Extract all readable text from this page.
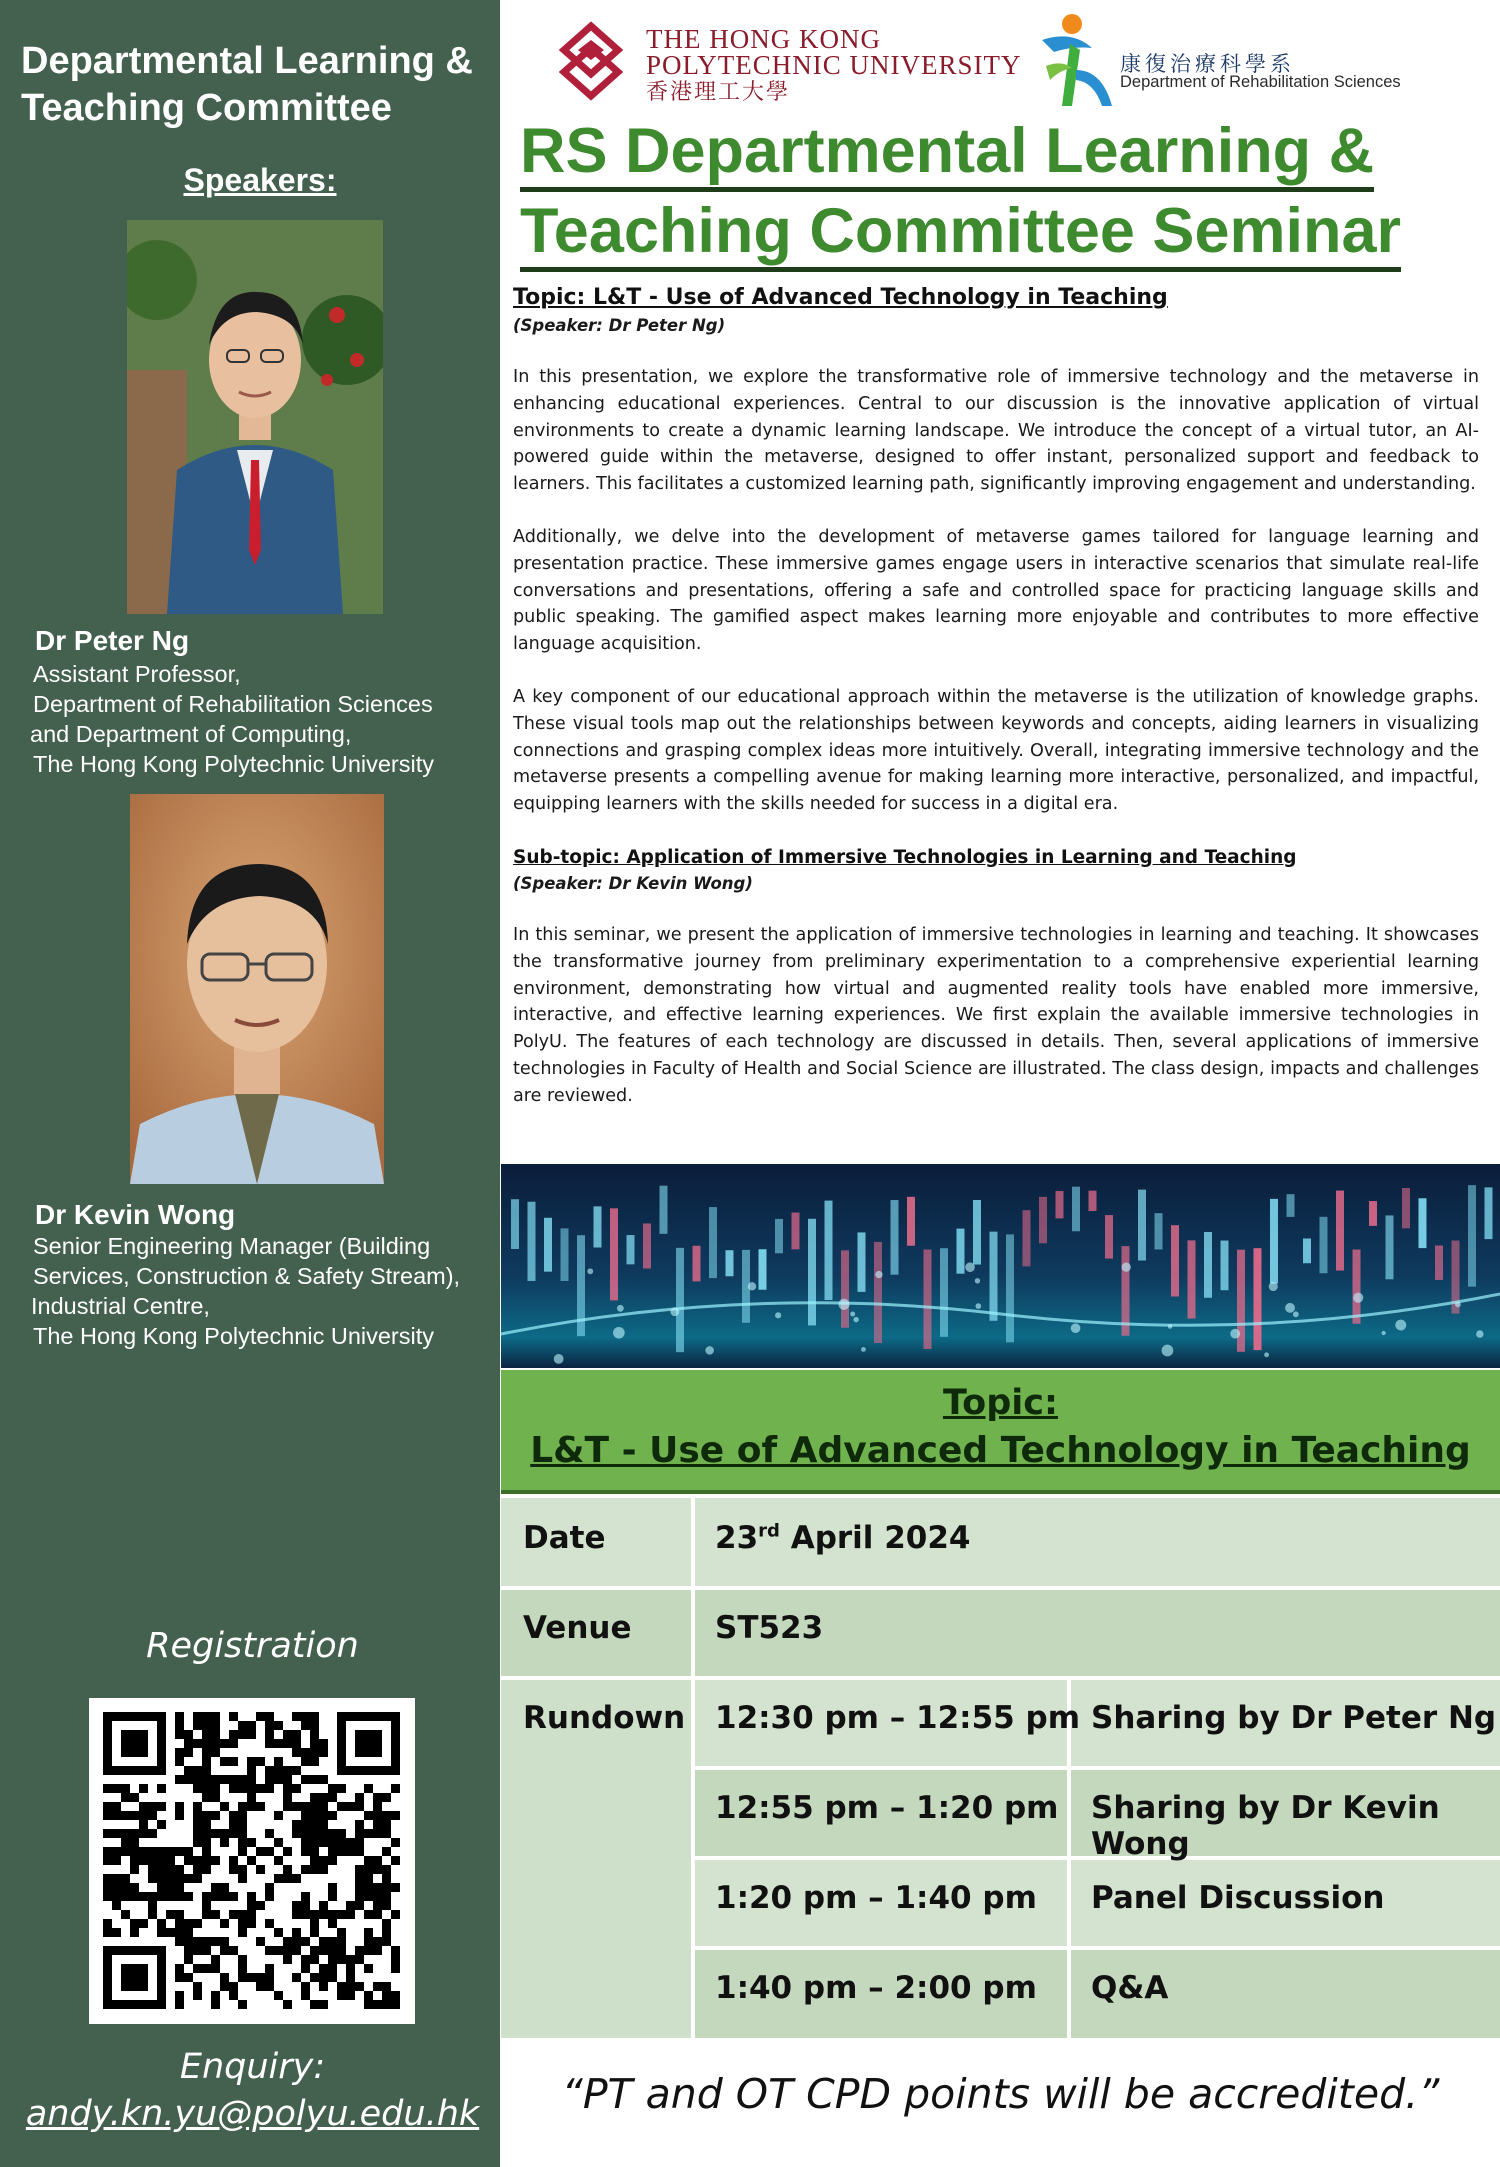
Departmental Learning &
Teaching Committee
Speakers:
Dr Peter Ng
Assistant Professor,
Department of Rehabilitation Sciences
and Department of Computing,
The Hong Kong Polytechnic University
Dr Kevin Wong
Senior Engineering Manager (Building
Services, Construction & Safety Stream),
Industrial Centre,
The Hong Kong Polytechnic University
Registration
Enquiry:
andy.kn.yu@polyu.edu.hk
THE HONG KONG
POLYTECHNIC UNIVERSITY
香港理工大學
康復治療科學系
Department of Rehabilitation Sciences
RS Departmental Learning &
Teaching Committee Seminar
Topic: L&T - Use of Advanced Technology in Teaching
(Speaker: Dr Peter Ng)
In this presentation, we explore the transformative role of immersive technology and the metaverse in enhancing educational experiences. Central to our discussion is the innovative application of virtual environments to create a dynamic learning landscape. We introduce the concept of a virtual tutor, an AI-powered guide within the metaverse, designed to offer instant, personalized support and feedback to learners. This facilitates a customized learning path, significantly improving engagement and understanding.
Additionally, we delve into the development of metaverse games tailored for language learning and presentation practice. These immersive games engage users in interactive scenarios that simulate real-life conversations and presentations, offering a safe and controlled space for practicing language skills and public speaking. The gamified aspect makes learning more enjoyable and contributes to more effective language acquisition.
A key component of our educational approach within the metaverse is the utilization of knowledge graphs. These visual tools map out the relationships between keywords and concepts, aiding learners in visualizing connections and grasping complex ideas more intuitively. Overall, integrating immersive technology and the metaverse presents a compelling avenue for making learning more interactive, personalized, and impactful, equipping learners with the skills needed for success in a digital era.
Sub-topic: Application of Immersive Technologies in Learning and Teaching
(Speaker: Dr Kevin Wong)
In this seminar, we present the application of immersive technologies in learning and teaching. It showcases the transformative journey from preliminary experimentation to a comprehensive experiential learning environment, demonstrating how virtual and augmented reality tools have enabled more immersive, interactive, and effective learning experiences. We first explain the available immersive technologies in PolyU. The features of each technology are discussed in details. Then, several applications of immersive technologies in Faculty of Health and Social Science are illustrated. The class design, impacts and challenges are reviewed.
Topic:
L&T - Use of Advanced Technology in Teaching
Date	23rd April 2024
Venue	ST523
Rundown 12:30 pm – 12:55 pm Sharing by Dr Peter Ng
12:55 pm – 1:20 pm Sharing by Dr Kevin Wong
1:20 pm – 1:40 pm Panel Discussion
1:40 pm – 2:00 pm Q&A
“PT and OT CPD points will be accredited.”
